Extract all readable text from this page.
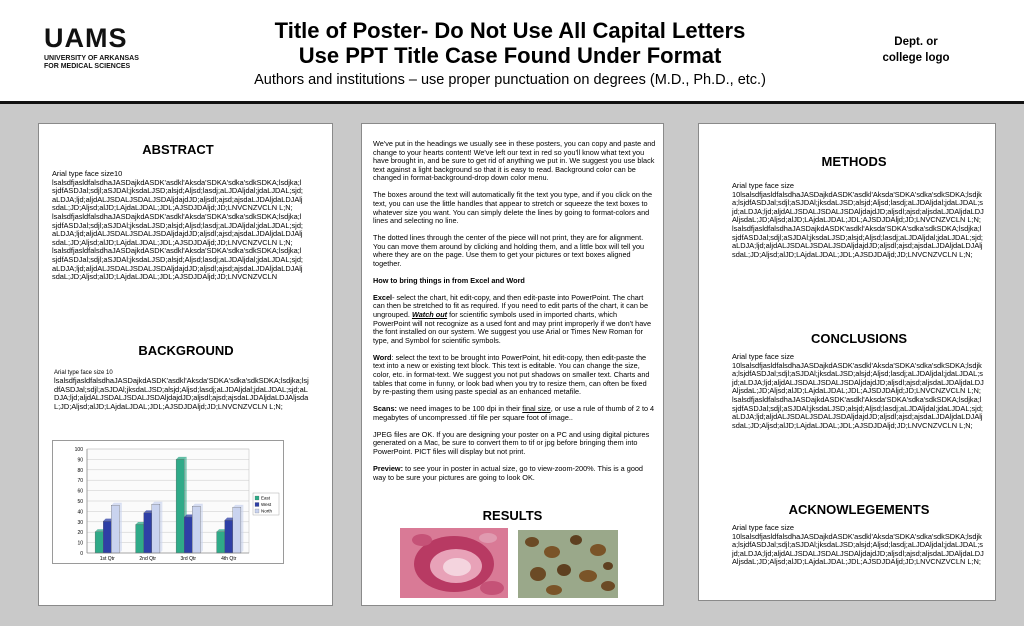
UAMS
UNIVERSITY OF ARKANSAS
FOR MEDICAL SCIENCES
Title of Poster- Do Not Use All Capital Letters
Use PPT Title Case Found Under Format
Authors and institutions – use proper punctuation on degrees (M.D., Ph.D., etc.)
Dept. or
college logo
ABSTRACT

Arial type face size10

lsalsdfjasldfalsdhaJASDajkdASDK'asdkl'Aksda'SDKA'sdka'sdkSDKA;lsdjka;lsjdfASDJal;sdjl;aSJDAl;jksdaLJSD;alsjd;Aljsd;lasdj;aLJDAljdal;jdaLJDAL;sjd;aLDJA;ljd;aljdALJSDALJSDALJSDAljdajdJD;aljsdl;ajsd;ajsdaLJDAljdaLDJAljsdaL;JD;Aljsd;alJD;LAjdaLJDAL;JDL;AJSDJDAljd;JD;LNVCNZVCLN L;N;

lsalsdfjasldfalsdhaJASDajkdASDK'asdkl'Aksda'SDKA'sdka'sdkSDKA;lsdjka;lsjdfASDJal;sdjl;aSJDAl;jksdaLJSD;alsjd;Aljsd;lasdj;aLJDAljdal;jdaLJDAL;sjd;aLDJA;ljd;aljdALJSDALJSDALJSDAljdajdJD;aljsdl;ajsd;ajsdaLJDAljdaLDJAljsdaL;JD;Aljsd;alJD;LAjdaLJDAL;JDL;AJSDJDAljd;JD;LNVCNZVCLN L;N;

lsalsdfjasldfalsdhaJASDajkdASDK'asdkl'Aksda'SDKA'sdka'sdkSDKA;lsdjka;lsjdfASDJal;sdjl;aSJDAl;jksdaLJSD;alsjd;Aljsd;lasdj;aLJDAljdal;jdaLJDAL;sjd;aLDJA;ljd;aljdALJSDALJSDALJSDAljdajdJD;aljsdl;ajsd;ajsdaLJDAljdaLDJAljsdaL;JD;Aljsd;alJD;LAjdaLJDAL;JDL;AJSDJDAljd;JD;LNVCNZVCLN

BACKGROUND
Arial type face size 10
lsalsdfjasldfalsdhaJASDajkdASDK'asdkl'Aksda'SDKA'sdka'sdkSDKA;lsdjka;lsjdfASDJal;sdjl;aSJDAl;jksdaLJSD;alsjd;Aljsd;lasdj;aLJDAljdal;jdaLJDAL;sjd;aLDJA;ljd;aljdALJSDALJSDALJSDAljdajdJD;aljsdl;ajsd;ajsdaLJDAljdaLDJAljsdaL;JD;Aljsd;alJD;LAjdaLJDAL;JDL;AJSDJDAljd;JD;LNVCNZVCLN L;N;
0
10
20
30
40
50
60
70
80
90
100
1st Qtr	2nd Qtr	3rd Qtr	4th Qtr
East
West
North

We've put in the headings we usually see in these posters, you can copy and paste and change to your hearts content! We've left our text in red so you'll know what text you have brought in, and be sure to get rid of anything we put in. We suggest you use black text against a light background so that it is easy to read. Background color can be changed in format-background-drop down color menu.

The boxes around the text will automatically fit the text you type, and if you click on the text, you can use the little handles that appear to stretch or squeeze the text boxes to whatever size you want. You can simply delete the lines by going to format-colors and lines and selecting no line.

The dotted lines through the center of the piece will not print, they are for alignment. You can move them around by clicking and holding them, and a little box will tell you where they are on the page. Use them to get your pictures or text boxes aligned together.

How to bring things in from Excel and Word

Excel- select the chart, hit edit-copy, and then edit-paste into PowerPoint. The chart can then be stretched to fit as required. If you need to edit parts of the chart, it can be ungrouped. Watch out for scientific symbols used in imported charts, which PowerPoint will not recognize as a used font and may print improperly if we don't have the font installed on our system. We suggest you use Arial or Times New Roman for type, and Symbol for scientific symbols.

Word: select the text to be brought into PowerPoint, hit edit-copy, then edit-paste the text into a new or existing text block. This text is editable. You can change the size, color, etc. in format-text. We suggest you not put shadows on smaller text. Charts and tables that come in funny, or look bad when you try to resize them, can often be fixed by re-pasting them using paste special as an enhanced metafile.

Scans: we need images to be 100 dpi in their final size, or use a rule of thumb of 2 to 4 megabytes of uncompressed .tif file per square foot of image..

JPEG files are OK. If you are designing your poster on a PC and using digital pictures generated on a Mac, be sure to convert them to tif or jpg before bringing them into PowerPoint. PICT files will display but not print.

Preview: to see your in poster in actual size, go to view-zoom-200%. This is a good way to be sure your pictures are going to look OK.

RESULTS
METHODS

Arial type face size

10lsalsdfjasldfalsdhaJASDajkdASDK'asdkl'Aksda'SDKA'sdka'sdkSDKA;lsdjka;lsjdfASDJal;sdjl;aSJDAl;jksdaLJSD;alsjd;Aljsd;lasdj;aLJDAljdal;jdaLJDAL;sjd;aLDJA;ljd;aljdALJSDALJSDALJSDAljdajdJD;aljsdl;ajsd;aljsdaLJDAljdaLDJAljsdaL;JD;Aljsd;alJD;LAjdaLJDAL;JDL;AJSDJDAljd;JD;LNVCNZVCLN L;N;

lsalsdfjasldfalsdhaJASDajkdASDK'asdkl'Aksda'SDKA'sdka'sdkSDKA;lsdjka;lsjdfASDJal;sdjl;aSJDAl;jksdaLJSD;alsjd;Aljsd;lasdj;aLJDAljdal;jdaLJDAL;sjd;aLDJA;ljd;aljdALJSDALJSDALJSDAljdajdJD;aljsdl;ajsd;ajsdaLJDAljdaLDJAljsdaL;JD;Aljsd;alJD;LAjdaLJDAL;JDL;AJSDJDAljd;JD;LNVCNZVCLN L;N;

CONCLUSIONS

Arial type face size

10lsalsdfjasldfalsdhaJASDajkdASDK'asdkl'Aksda'SDKA'sdka'sdkSDKA;lsdjka;lsjdfASDJal;sdjl;aSJDAl;jksdaLJSD;alsjd;Aljsd;lasdj;aLJDAljdal;jdaLJDAL;sjd;aLDJA;ljd;aljdALJSDALJSDALJSDAljdajdJD;aljsdl;ajsd;aljsdaLJDAljdaLDJAljsdaL;JD;Aljsd;alJD;LAjdaLJDAL;JDL;AJSDJDAljd;JD;LNVCNZVCLN L;N;

lsalsdfjasldfalsdhaJASDajkdASDK'asdkl'Aksda'SDKA'sdka'sdkSDKA;lsdjka;lsjdfASDJal;sdjl;aSJDAl;jksdaLJSD;alsjd;Aljsd;lasdj;aLJDAljdal;jdaLJDAL;sjd;aLDJA;ljd;aljdALJSDALJSDALJSDAljdajdJD;aljsdl;ajsd;ajsdaLJDAljdaLDJAljsdaL;JD;Aljsd;alJD;LAjdaLJDAL;JDL;AJSDJDAljd;JD;LNVCNZVCLN L;N;

ACKNOWLEGEMENTS

Arial type face size

10lsalsdfjasldfalsdhaJASDajkdASDK'asdkl'Aksda'SDKA'sdka'sdkSDKA;lsdjka;lsjdfASDJal;sdjl;aSJDAl;jksdaLJSD;alsjd;Aljsd;lasdj;aLJDAljdal;jdaLJDAL;sjd;aLDJA;ljd;aljdALJSDALJSDALJSDAljdajdJD;aljsdl;ajsd;aljsdaLJDAljdaLDJAljsdaL;JD;Aljsd;alJD;LAjdaLJDAL;JDL;AJSDJDAljd;JD;LNVCNZVCLN L;N;
